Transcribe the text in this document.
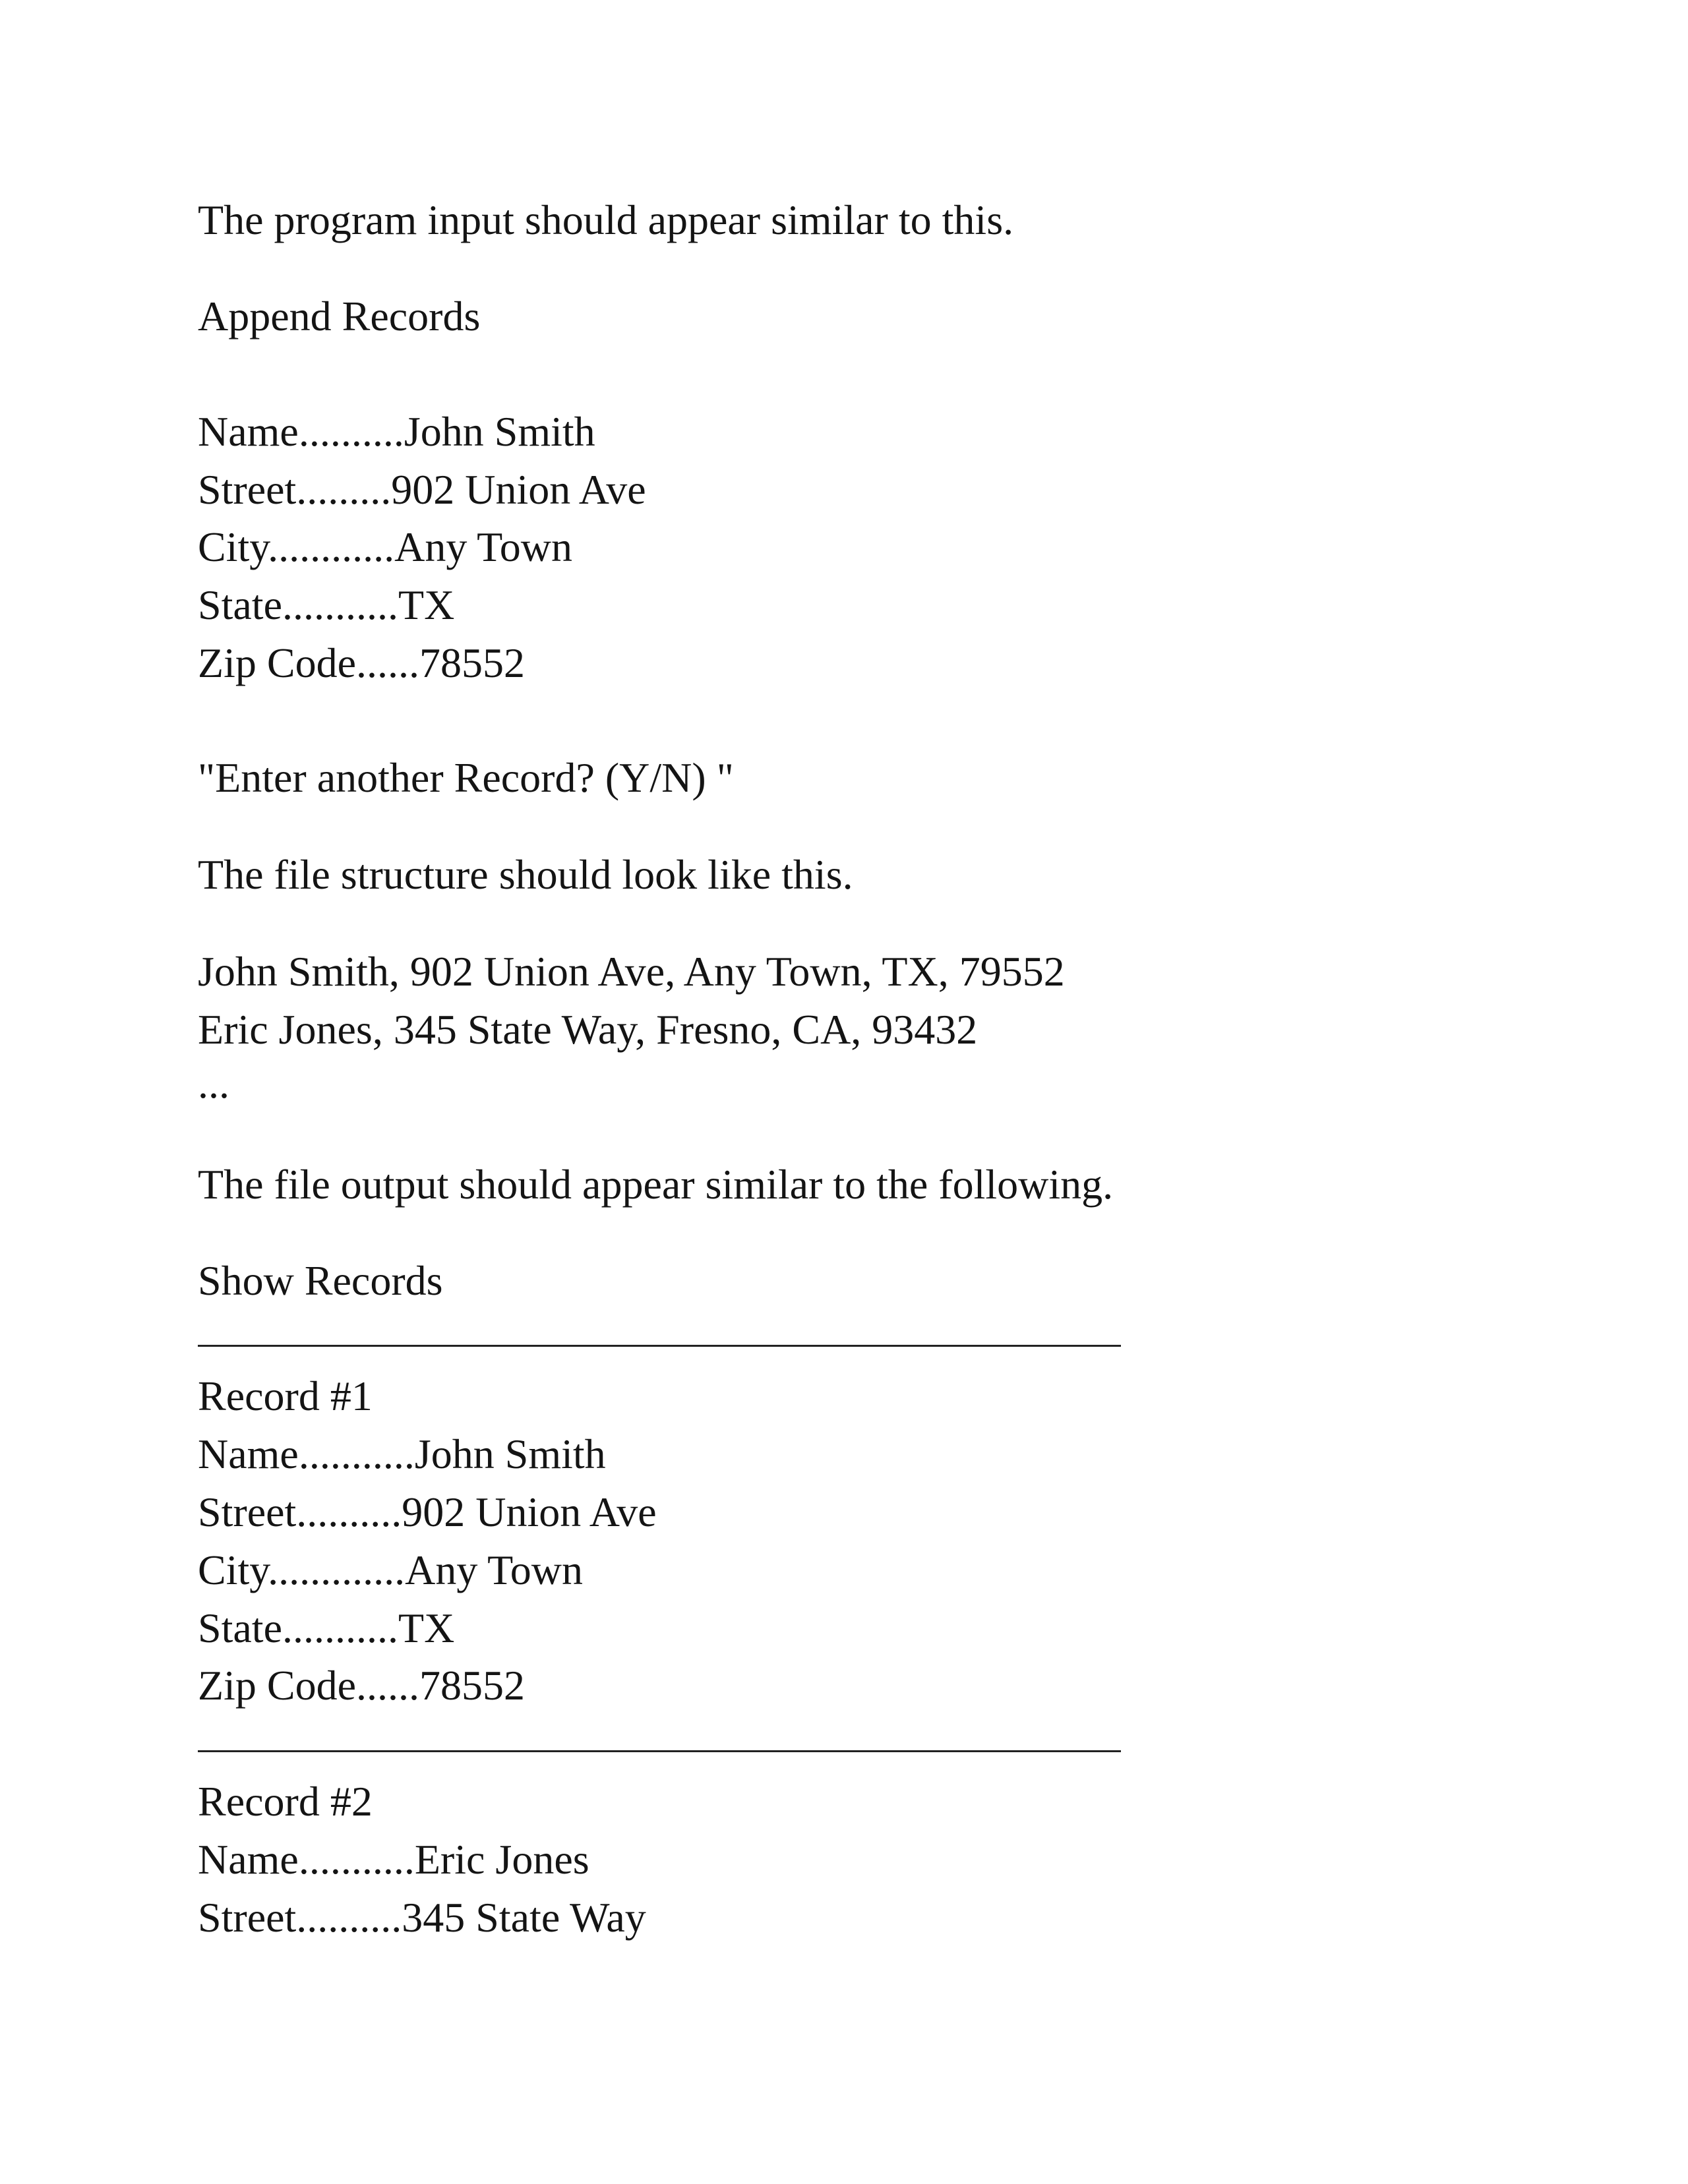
The program input should appear similar to this.

Append Records

Name..........John Smith

Street.........902 Union Ave

City............Any Town

State...........TX

Zip Code......78552

"Enter another Record? (Y/N) "

The file structure should look like this.

John Smith, 902 Union Ave, Any Town, TX, 79552

Eric Jones, 345 State Way, Fresno, CA, 93432

...

The file output should appear similar to the following.

Show Records

Record #1

Name...........John Smith

Street..........902 Union Ave

City.............Any Town

State...........TX

Zip Code......78552

Record #2

Name...........Eric Jones

Street..........345 State Way
